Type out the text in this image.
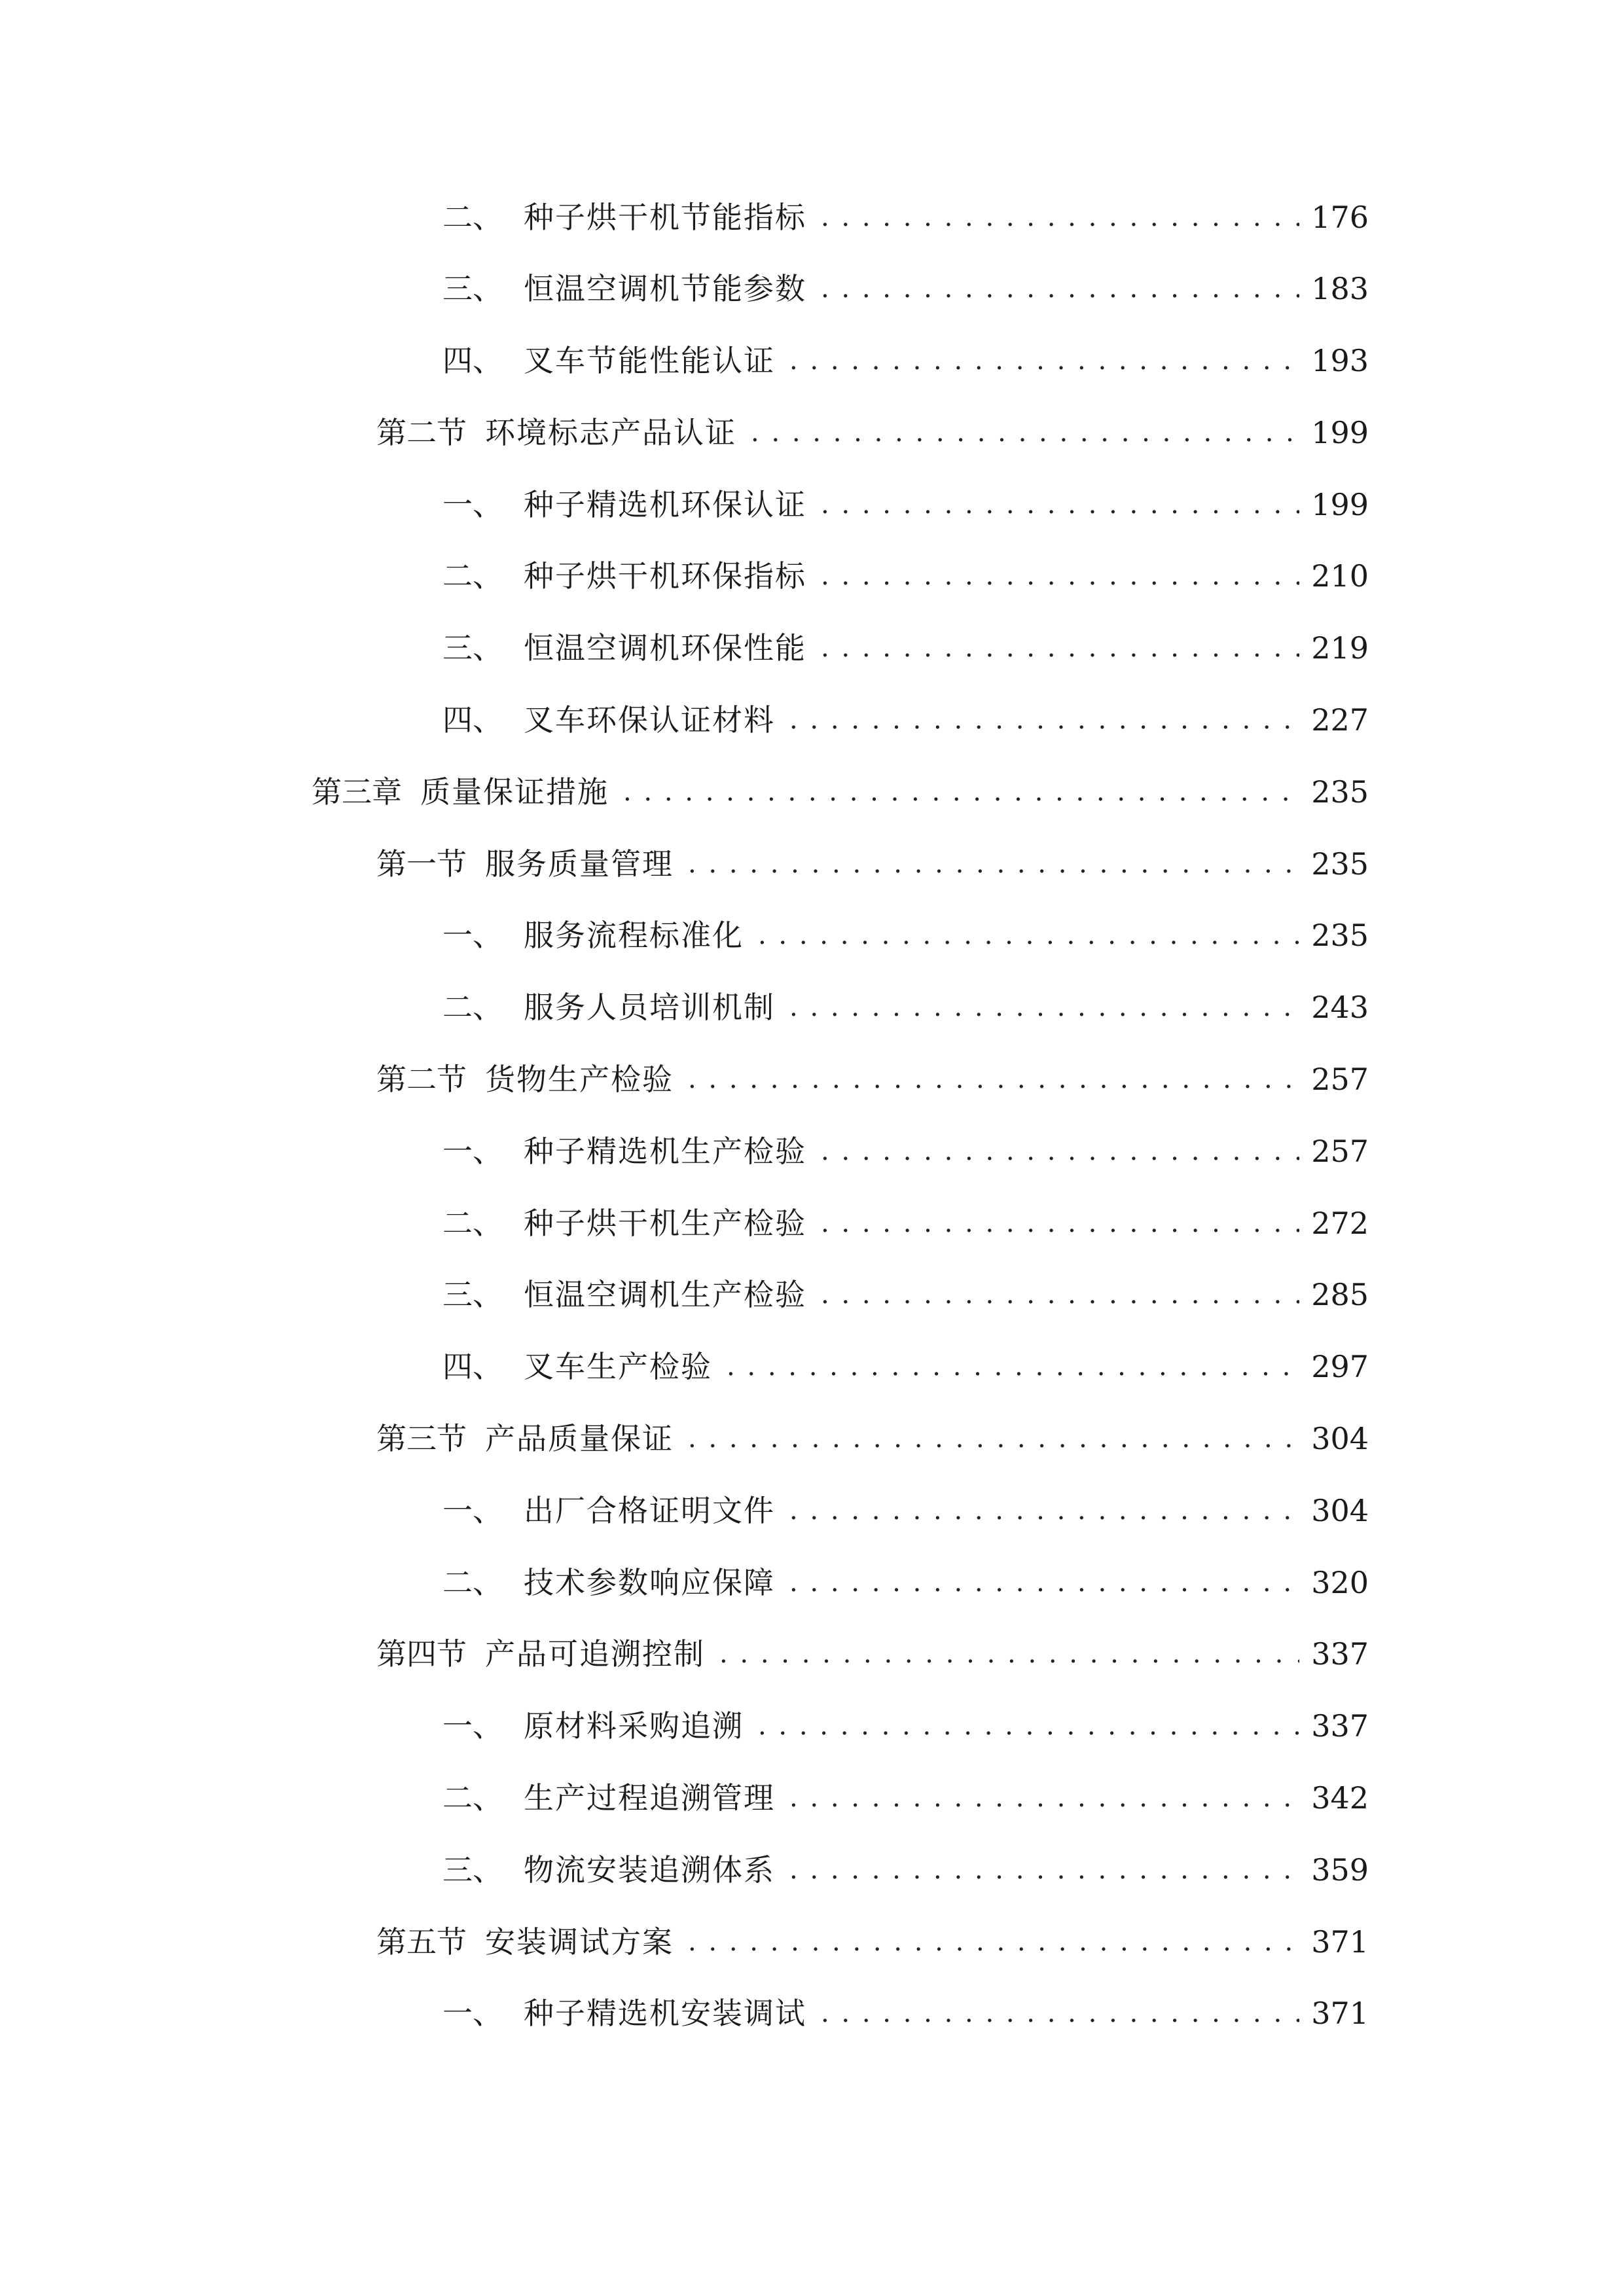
二、 种子烘干机节能指标 . . .	176
三、 恒温空调机节能参数 . . .	183
四、 叉车节能性能认证 . . .	193
第二节 环境标志产品认证 . . .	199
一、 种子精选机环保认证 . . .	199
二、 种子烘干机环保指标 . . .	210
三、 恒温空调机环保性能 . . .	219
四、 叉车环保认证材料 . . .	227
第三章 质量保证措施 . . .	235
第一节 服务质量管理 . . .	235
一、 服务流程标准化 . . .	235
二、 服务人员培训机制 . . .	243
第二节 货物生产检验 . . .	257
一、 种子精选机生产检验 . . .	257
二、 种子烘干机生产检验 . . .	272
三、 恒温空调机生产检验 . . .	285
四、 叉车生产检验 . . .	297
第三节 产品质量保证 . . .	304
一、 出厂合格证明文件 . . .	304
二、 技术参数响应保障 . . .	320
第四节 产品可追溯控制 . . .	337
一、 原材料采购追溯 . . .	337
二、 生产过程追溯管理 . . .	342
三、 物流安装追溯体系 . . .	359
第五节 安装调试方案 . . .	371
一、 种子精选机安装调试 . . .	371
